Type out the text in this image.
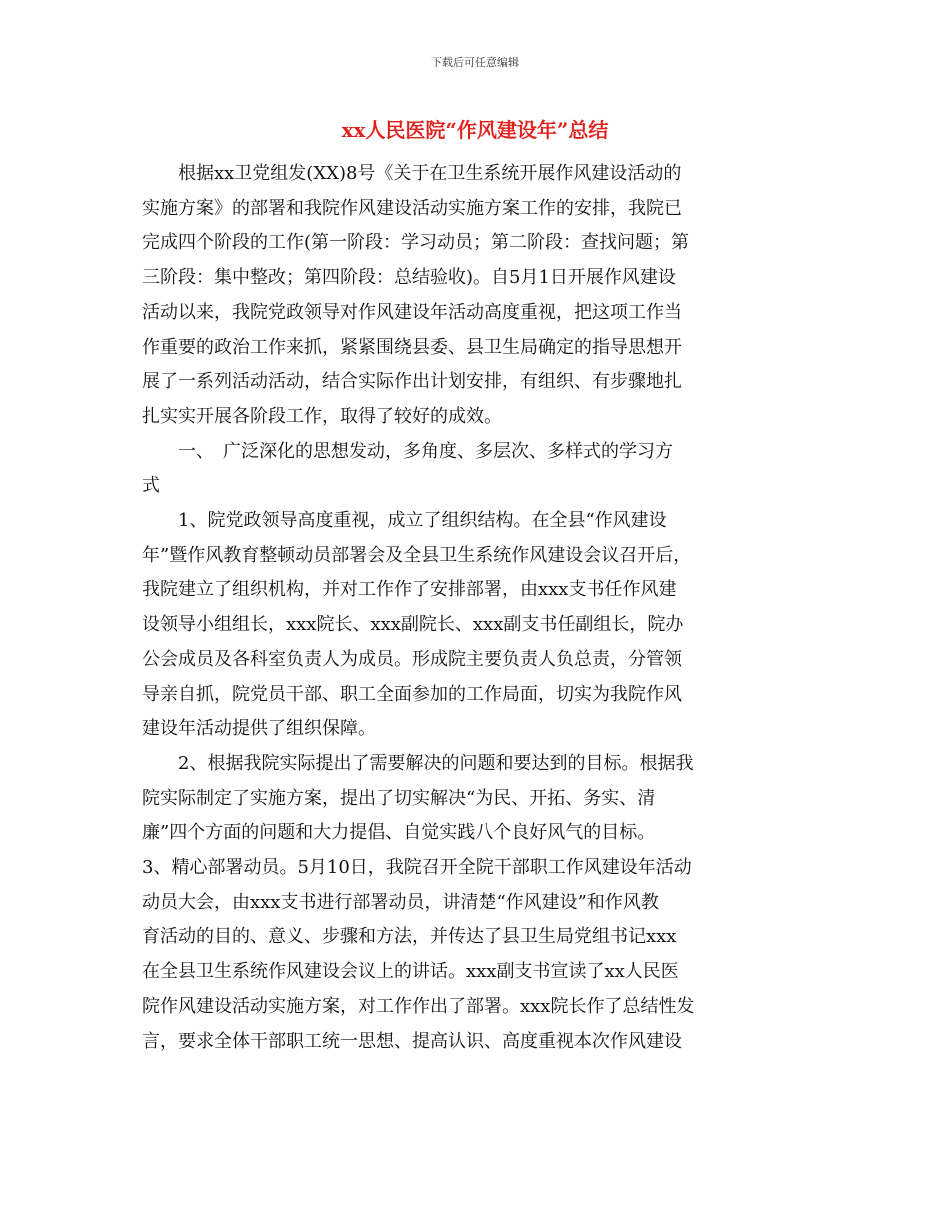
下载后可任意编辑
xx人民医院“作风建设年”总结

　　根据xx卫党组发(XX)8号《关于在卫生系统开展作风建设活动的

实施方案》的部署和我院作风建设活动实施方案工作的安排，我院已

完成四个阶段的工作(第一阶段：学习动员；第二阶段：查找问题；第

三阶段：集中整改；第四阶段：总结验收)。自5月1日开展作风建设

活动以来，我院党政领导对作风建设年活动高度重视，把这项工作当

作重要的政治工作来抓，紧紧围绕县委、县卫生局确定的指导思想开

展了一系列活动活动，结合实际作出计划安排，有组织、有步骤地扎

扎实实开展各阶段工作，取得了较好的成效。

　　一、　广泛深化的思想发动，多角度、多层次、多样式的学习方

式

　　1、院党政领导高度重视，成立了组织结构。在全县“作风建设

年”暨作风教育整顿动员部署会及全县卫生系统作风建设会议召开后，

我院建立了组织机构，并对工作作了安排部署，由xxx支书任作风建

设领导小组组长，xxx院长、xxx副院长、xxx副支书任副组长，院办

公会成员及各科室负责人为成员。形成院主要负责人负总责，分管领

导亲自抓，院党员干部、职工全面参加的工作局面，切实为我院作风

建设年活动提供了组织保障。

　　2、根据我院实际提出了需要解决的问题和要达到的目标。根据我

院实际制定了实施方案，提出了切实解决“为民、开拓、务实、清

廉”四个方面的问题和大力提倡、自觉实践八个良好风气的目标。

3、精心部署动员。5月10日，我院召开全院干部职工作风建设年活动

动员大会，由xxx支书进行部署动员，讲清楚“作风建设”和作风教

育活动的目的、意义、步骤和方法，并传达了县卫生局党组书记xxx

在全县卫生系统作风建设会议上的讲话。xxx副支书宣读了xx人民医

院作风建设活动实施方案，对工作作出了部署。xxx院长作了总结性发

言，要求全体干部职工统一思想、提高认识、高度重视本次作风建设
